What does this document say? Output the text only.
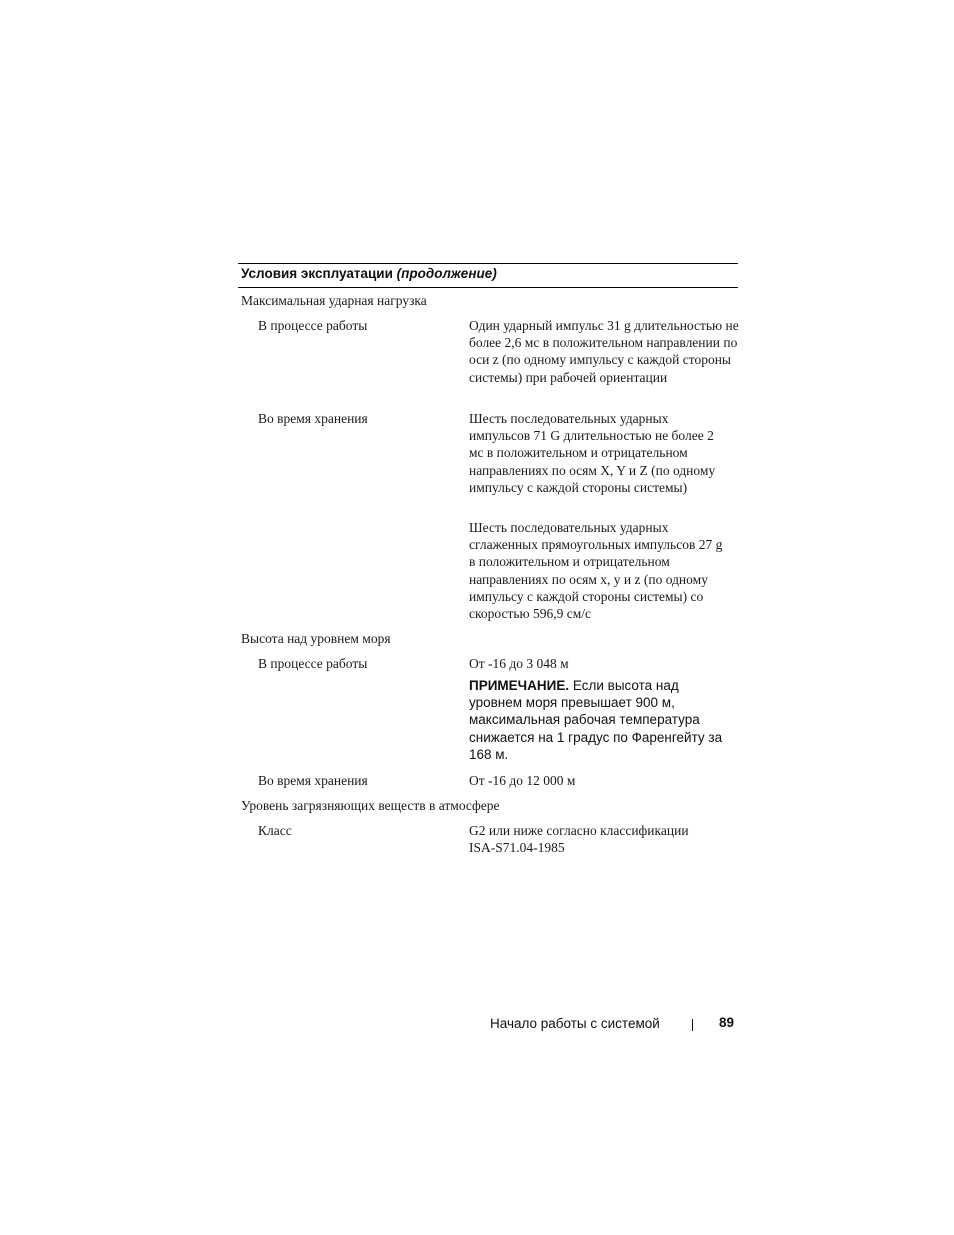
Условия эксплуатации (продолжение)
Максимальная ударная нагрузка
В процессе работы	Один ударный импульс 31 g длительностью не более 2,6 мс в положительном направлении по оси z (по одному импульсу с каждой стороны системы) при рабочей ориентации
Во время хранения	Шесть последовательных ударных импульсов 71 G длительностью не более 2 мс в положительном и отрицательном направлениях по осям X, Y и Z (по одному импульсу с каждой стороны системы)
Шесть последовательных ударных сглаженных прямоугольных импульсов 27 g в положительном и отрицательном направлениях по осям x, y и z (по одному импульсу с каждой стороны системы) со скоростью 596,9 см/с
Высота над уровнем моря
В процессе работы	От -16 до 3 048 м
ПРИМЕЧАНИЕ. Если высота над уровнем моря превышает 900 м, максимальная рабочая температура снижается на 1 градус по Фаренгейту за 168 м.
Во время хранения	От -16 до 12 000 м
Уровень загрязняющих веществ в атмосфере
Класс	G2 или ниже согласно классификации ISA-S71.04-1985
Начало работы с системой	89
